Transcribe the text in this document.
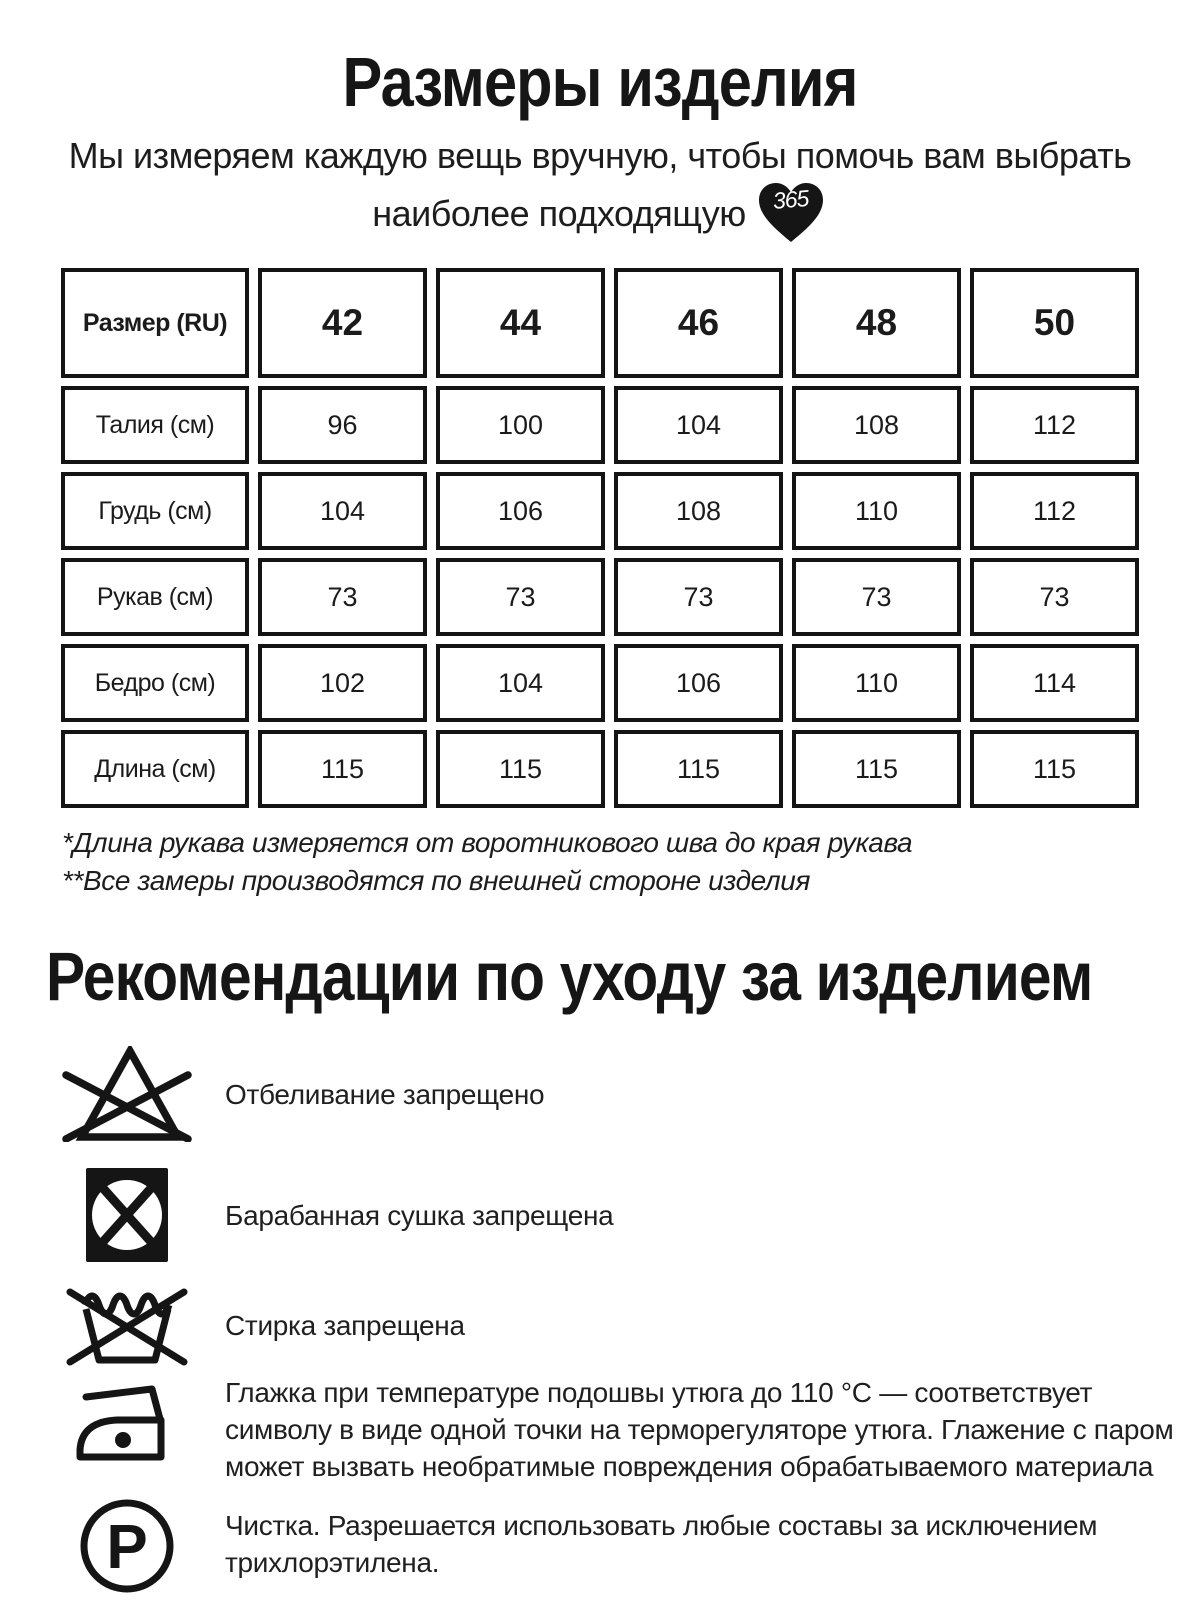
Размеры изделия
Мы измеряем каждую вещь вручную, чтобы помочь вам выбрать
наиболее подходящую 365
Размер (RU)	42	44	46	48	50
Талия (см)	96	100	104	108	112
Грудь (см)	104	106	108	110	112
Рукав (см)	73	73	73	73	73
Бедро (см)	102	104	106	110	114
Длина (см)	115	115	115	115	115
*Длина рукава измеряется от воротникового шва до края рукава
**Все замеры производятся по внешней стороне изделия
Рекомендации по уходу за изделием
Отбеливание запрещено
Барабанная сушка запрещена
Стирка запрещена
Глажка при температуре подошвы утюга до 110 °C — соответствует символу в виде одной точки на терморегуляторе утюга. Глажение с паром может вызвать необратимые повреждения обрабатываемого материала
P	Чистка. Разрешается использовать любые составы за исключением трихлорэтилена.
